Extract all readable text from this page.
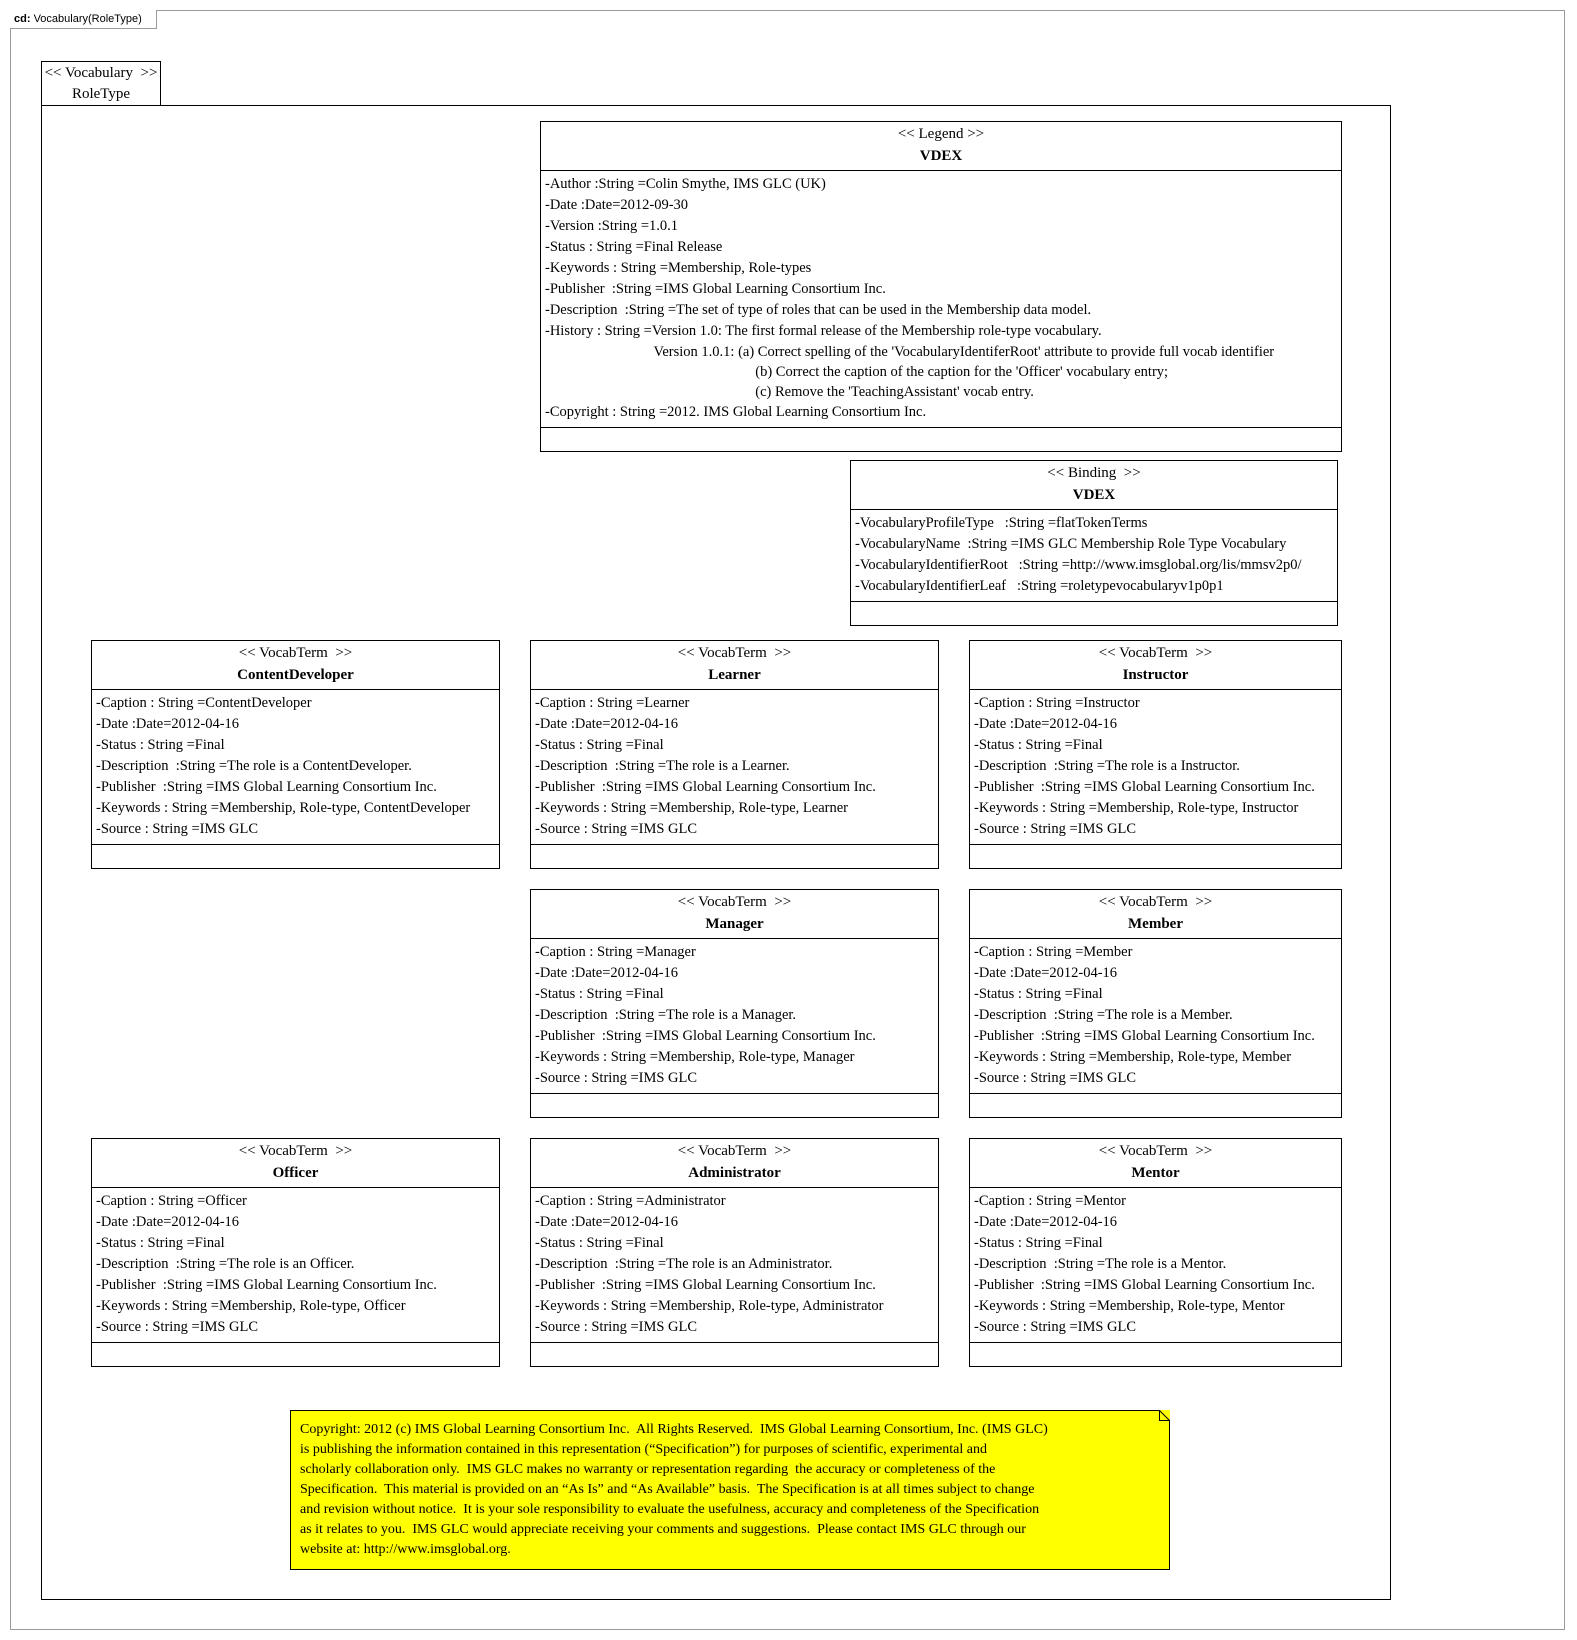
cd: Vocabulary(RoleType)
<< Vocabulary  >>
RoleType
<< Legend >>
VDEX
-Author :String =Colin Smythe, IMS GLC (UK)
-Date :Date=2012-09-30
-Version :String =1.0.1
-Status : String =Final Release
-Keywords : String =Membership, Role-types
-Publisher  :String =IMS Global Learning Consortium Inc.
-Description  :String =The set of type of roles that can be used in the Membership data model.
-History : String =Version 1.0: The first formal release of the Membership role-type vocabulary.
Version 1.0.1: (a) Correct spelling of the 'VocabularyIdentiferRoot' attribute to provide full vocab identifier
(b) Correct the caption of the caption for the 'Officer' vocabulary entry;
(c) Remove the 'TeachingAssistant' vocab entry.
-Copyright : String =2012. IMS Global Learning Consortium Inc.
<< Binding  >>
VDEX
-VocabularyProfileType   :String =flatTokenTerms
-VocabularyName  :String =IMS GLC Membership Role Type Vocabulary
-VocabularyIdentifierRoot   :String =http://www.imsglobal.org/lis/mmsv2p0/
-VocabularyIdentifierLeaf   :String =roletypevocabularyv1p0p1
<< VocabTerm  >>
ContentDeveloper
-Caption : String =ContentDeveloper
-Date :Date=2012-04-16
-Status : String =Final
-Description  :String =The role is a ContentDeveloper.
-Publisher  :String =IMS Global Learning Consortium Inc.
-Keywords : String =Membership, Role-type, ContentDeveloper
-Source : String =IMS GLC
<< VocabTerm  >>
Learner
-Caption : String =Learner
-Date :Date=2012-04-16
-Status : String =Final
-Description  :String =The role is a Learner.
-Publisher  :String =IMS Global Learning Consortium Inc.
-Keywords : String =Membership, Role-type, Learner
-Source : String =IMS GLC
<< VocabTerm  >>
Instructor
-Caption : String =Instructor
-Date :Date=2012-04-16
-Status : String =Final
-Description  :String =The role is a Instructor.
-Publisher  :String =IMS Global Learning Consortium Inc.
-Keywords : String =Membership, Role-type, Instructor
-Source : String =IMS GLC
<< VocabTerm  >>
Manager
-Caption : String =Manager
-Date :Date=2012-04-16
-Status : String =Final
-Description  :String =The role is a Manager.
-Publisher  :String =IMS Global Learning Consortium Inc.
-Keywords : String =Membership, Role-type, Manager
-Source : String =IMS GLC
<< VocabTerm  >>
Member
-Caption : String =Member
-Date :Date=2012-04-16
-Status : String =Final
-Description  :String =The role is a Member.
-Publisher  :String =IMS Global Learning Consortium Inc.
-Keywords : String =Membership, Role-type, Member
-Source : String =IMS GLC
<< VocabTerm  >>
Officer
-Caption : String =Officer
-Date :Date=2012-04-16
-Status : String =Final
-Description  :String =The role is an Officer.
-Publisher  :String =IMS Global Learning Consortium Inc.
-Keywords : String =Membership, Role-type, Officer
-Source : String =IMS GLC
<< VocabTerm  >>
Administrator
-Caption : String =Administrator
-Date :Date=2012-04-16
-Status : String =Final
-Description  :String =The role is an Administrator.
-Publisher  :String =IMS Global Learning Consortium Inc.
-Keywords : String =Membership, Role-type, Administrator
-Source : String =IMS GLC
<< VocabTerm  >>
Mentor
-Caption : String =Mentor
-Date :Date=2012-04-16
-Status : String =Final
-Description  :String =The role is a Mentor.
-Publisher  :String =IMS Global Learning Consortium Inc.
-Keywords : String =Membership, Role-type, Mentor
-Source : String =IMS GLC
Copyright: 2012 (c) IMS Global Learning Consortium Inc.  All Rights Reserved.  IMS Global Learning Consortium, Inc. (IMS GLC)
is publishing the information contained in this representation (“Specification”) for purposes of scientific, experimental and
scholarly collaboration only.  IMS GLC makes no warranty or representation regarding  the accuracy or completeness of the
Specification.  This material is provided on an “As Is” and “As Available” basis.  The Specification is at all times subject to change
and revision without notice.  It is your sole responsibility to evaluate the usefulness, accuracy and completeness of the Specification
as it relates to you.  IMS GLC would appreciate receiving your comments and suggestions.  Please contact IMS GLC through our
website at: http://www.imsglobal.org.
